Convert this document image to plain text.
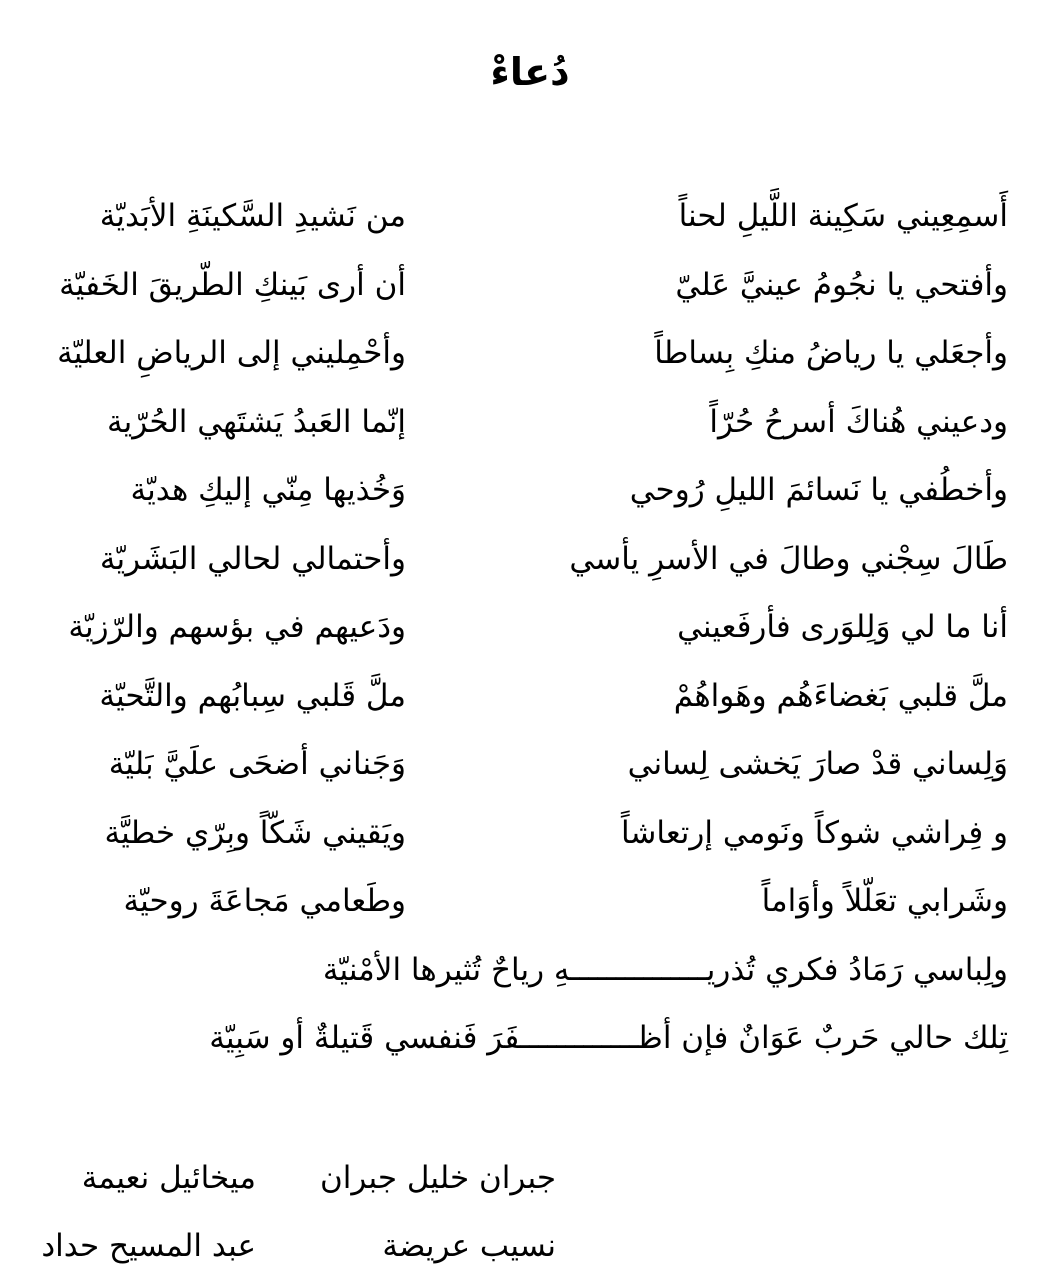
دُعاءْ
أَسمِعِيني سَكِينة اللَّيلِ لحناً
من نَشيدِ السَّكينَةِ الأبَديّة
وأفتحي يا نجُومُ عينيَّ عَليّ
أن أرى بَينكِ الطّريقَ الخَفيّة
وأجعَلي يا رياضُ منكِ بِساطاً
وأحْمِليني إلى الرياضِ العليّة
ودعيني هُناكَ أسرحُ حُرّاً
إنّما العَبدُ يَشتَهي الحُرّية
وأخطُفي يا نَسائمَ الليلِ رُوحي
وَخُذيها مِنّي إليكِ هديّة
طَالَ سِجْني وطالَ في الأسرِ يأسي
وأحتمالي لحالي البَشَريّة
أنا ما لي وَلِلوَرى فأرفَعيني
ودَعيهم في بؤسهم والرّزيّة
ملَّ قلبي بَغضاءَهُم وهَواهُمْ
ملَّ قَلبي سِبابُهم والتَّحيّة
وَلِساني قدْ صارَ يَخشى لِساني
وَجَناني أضحَى علَيَّ بَليّة
و فِراشي شوكاً ونَومي إرتعاشاً
ويَقيني شَكّاً وبِرّي خطيَّة
وشَرابي تعَلّلاً وأوَاماً
وطَعامي مَجاعَةَ روحيّة
ولِباسي رَمَادُ فكري تُذريـــــــــــــــهِ رياحٌ تُثيرها الأمْنيّة
تِلك حالي حَربٌ عَوَانٌ فإن أظـــــــــــــفَرَ فَنفسي قَتيلةٌ أو سَبِيّة
جبران خليل جبران
ميخائيل نعيمة
نسيب عريضة
عبد المسيح حداد
